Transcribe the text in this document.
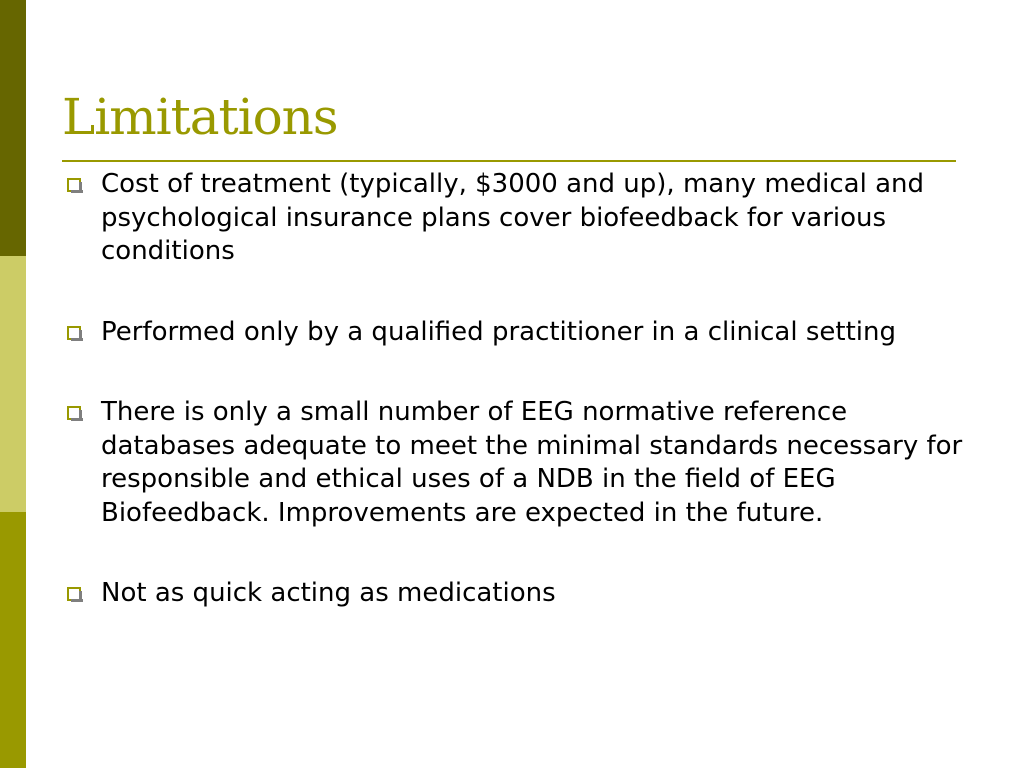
Limitations
Cost of treatment (typically, $3000 and up), many medical and psychological insurance plans cover biofeedback for various conditions
Performed only by a qualified practitioner in a clinical setting
There is only a small number of EEG normative reference databases adequate to meet the minimal standards necessary for responsible and ethical uses of a NDB in the field of EEG Biofeedback. Improvements are expected in the future.
Not as quick acting as medications
